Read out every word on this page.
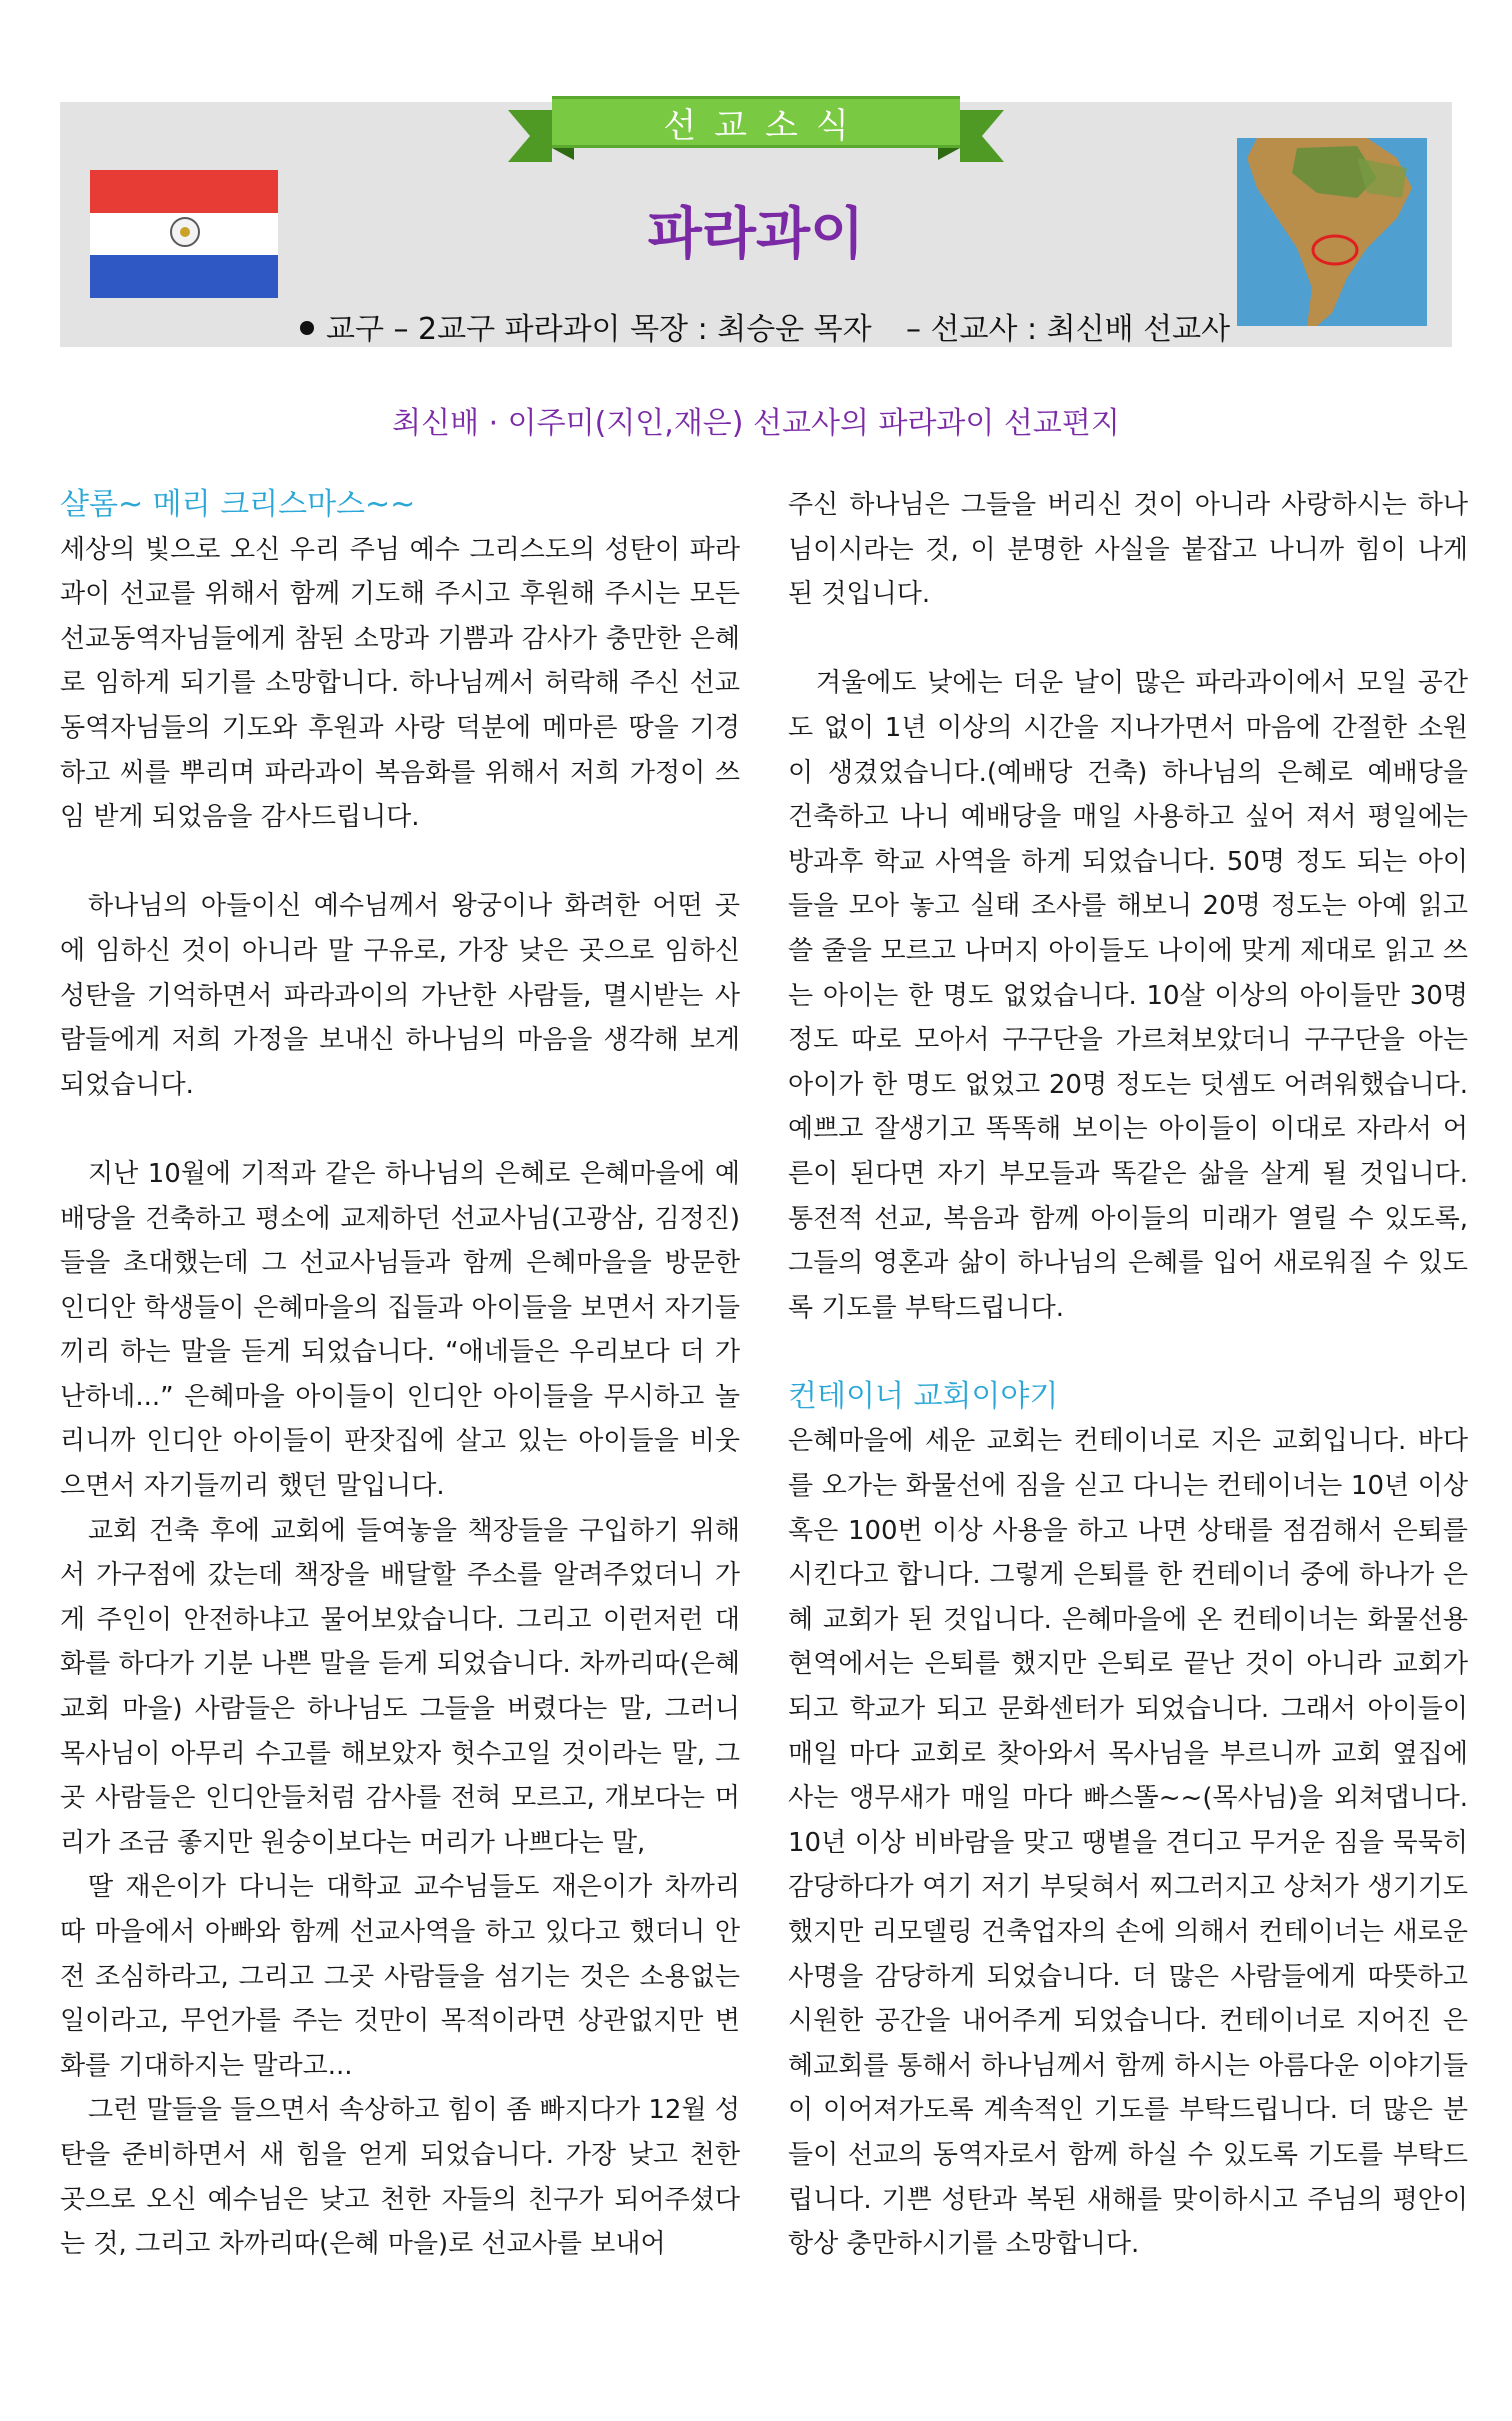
선교소식
파라과이
교구 – 2교구 파라과이 목장 : 최승운 목자 – 선교사 : 최신배 선교사
최신배 · 이주미(지인,재은) 선교사의 파라과이 선교편지

샬롬~ 메리 크리스마스~~

세상의 빛으로 오신 우리 주님 예수 그리스도의 성탄이 파라과이 선교를 위해서 함께 기도해 주시고 후원해 주시는 모든 선교동역자님들에게 참된 소망과 기쁨과 감사가 충만한 은혜로 임하게 되기를 소망합니다. 하나님께서 허락해 주신 선교 동역자님들의 기도와 후원과 사랑 덕분에 메마른 땅을 기경하고 씨를 뿌리며 파라과이 복음화를 위해서 저희 가정이 쓰임 받게 되었음을 감사드립니다.

하나님의 아들이신 예수님께서 왕궁이나 화려한 어떤 곳에 임하신 것이 아니라 말 구유로, 가장 낮은 곳으로 임하신 성탄을 기억하면서 파라과이의 가난한 사람들, 멸시받는 사람들에게 저희 가정을 보내신 하나님의 마음을 생각해 보게 되었습니다.

지난 10월에 기적과 같은 하나님의 은혜로 은혜마을에 예배당을 건축하고 평소에 교제하던 선교사님(고광삼, 김정진)들을 초대했는데 그 선교사님들과 함께 은혜마을을 방문한 인디안 학생들이 은혜마을의 집들과 아이들을 보면서 자기들끼리 하는 말을 듣게 되었습니다. “애네들은 우리보다 더 가난하네...” 은혜마을 아이들이 인디안 아이들을 무시하고 놀리니까 인디안 아이들이 판잣집에 살고 있는 아이들을 비웃으면서 자기들끼리 했던 말입니다.

교회 건축 후에 교회에 들여놓을 책장들을 구입하기 위해서 가구점에 갔는데 책장을 배달할 주소를 알려주었더니 가게 주인이 안전하냐고 물어보았습니다. 그리고 이런저런 대화를 하다가 기분 나쁜 말을 듣게 되었습니다. 차까리따(은혜교회 마을) 사람들은 하나님도 그들을 버렸다는 말, 그러니 목사님이 아무리 수고를 해보았자 헛수고일 것이라는 말, 그곳 사람들은 인디안들처럼 감사를 전혀 모르고, 개보다는 머리가 조금 좋지만 원숭이보다는 머리가 나쁘다는 말,

딸 재은이가 다니는 대학교 교수님들도 재은이가 차까리따 마을에서 아빠와 함께 선교사역을 하고 있다고 했더니 안전 조심하라고, 그리고 그곳 사람들을 섬기는 것은 소용없는 일이라고, 무언가를 주는 것만이 목적이라면 상관없지만 변화를 기대하지는 말라고...

그런 말들을 들으면서 속상하고 힘이 좀 빠지다가 12월 성탄을 준비하면서 새 힘을 얻게 되었습니다. 가장 낮고 천한 곳으로 오신 예수님은 낮고 천한 자들의 친구가 되어주셨다는 것, 그리고 차까리따(은혜 마을)로 선교사를 보내어

주신 하나님은 그들을 버리신 것이 아니라 사랑하시는 하나님이시라는 것, 이 분명한 사실을 붙잡고 나니까 힘이 나게 된 것입니다.

겨울에도 낮에는 더운 날이 많은 파라과이에서 모일 공간도 없이 1년 이상의 시간을 지나가면서 마음에 간절한 소원이 생겼었습니다.(예배당 건축) 하나님의 은혜로 예배당을 건축하고 나니 예배당을 매일 사용하고 싶어 져서 평일에는 방과후 학교 사역을 하게 되었습니다. 50명 정도 되는 아이들을 모아 놓고 실태 조사를 해보니 20명 정도는 아예 읽고 쓸 줄을 모르고 나머지 아이들도 나이에 맞게 제대로 읽고 쓰는 아이는 한 명도 없었습니다. 10살 이상의 아이들만 30명 정도 따로 모아서 구구단을 가르쳐보았더니 구구단을 아는 아이가 한 명도 없었고 20명 정도는 덧셈도 어려워했습니다. 예쁘고 잘생기고 똑똑해 보이는 아이들이 이대로 자라서 어른이 된다면 자기 부모들과 똑같은 삶을 살게 될 것입니다. 통전적 선교, 복음과 함께 아이들의 미래가 열릴 수 있도록, 그들의 영혼과 삶이 하나님의 은혜를 입어 새로워질 수 있도록 기도를 부탁드립니다.

컨테이너 교회이야기

은혜마을에 세운 교회는 컨테이너로 지은 교회입니다. 바다를 오가는 화물선에 짐을 싣고 다니는 컨테이너는 10년 이상 혹은 100번 이상 사용을 하고 나면 상태를 점검해서 은퇴를 시킨다고 합니다. 그렇게 은퇴를 한 컨테이너 중에 하나가 은혜 교회가 된 것입니다. 은혜마을에 온 컨테이너는 화물선용 현역에서는 은퇴를 했지만 은퇴로 끝난 것이 아니라 교회가 되고 학교가 되고 문화센터가 되었습니다. 그래서 아이들이 매일 마다 교회로 찾아와서 목사님을 부르니까 교회 옆집에 사는 앵무새가 매일 마다 빠스똘~~(목사님)을 외쳐댑니다. 10년 이상 비바람을 맞고 땡볕을 견디고 무거운 짐을 묵묵히 감당하다가 여기 저기 부딪혀서 찌그러지고 상처가 생기기도 했지만 리모델링 건축업자의 손에 의해서 컨테이너는 새로운 사명을 감당하게 되었습니다. 더 많은 사람들에게 따뜻하고 시원한 공간을 내어주게 되었습니다. 컨테이너로 지어진 은혜교회를 통해서 하나님께서 함께 하시는 아름다운 이야기들이 이어져가도록 계속적인 기도를 부탁드립니다. 더 많은 분들이 선교의 동역자로서 함께 하실 수 있도록 기도를 부탁드립니다. 기쁜 성탄과 복된 새해를 맞이하시고 주님의 평안이 항상 충만하시기를 소망합니다.
